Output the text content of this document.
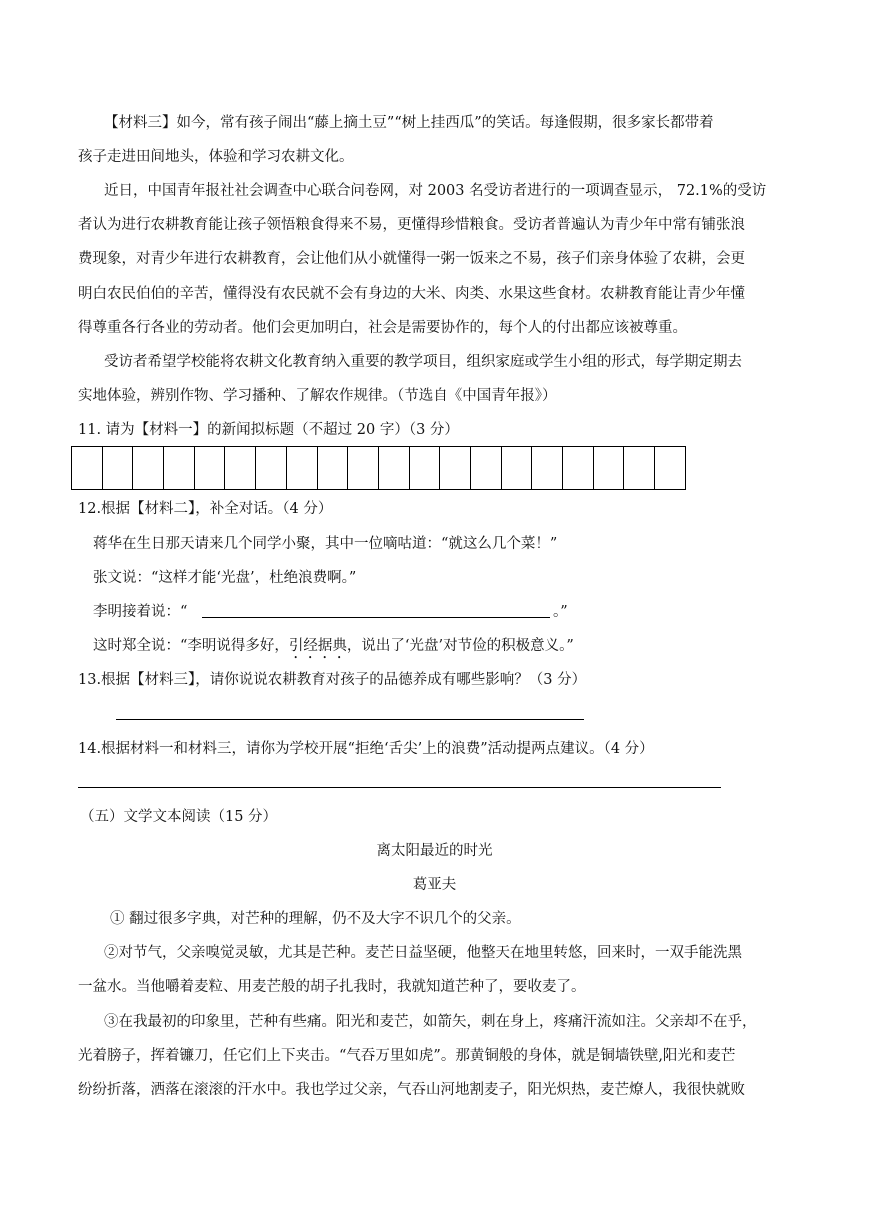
【材料三】如今，常有孩子闹出“藤上摘土豆”“树上挂西瓜”的笑话。每逢假期，很多家长都带着
孩子走进田间地头，体验和学习农耕文化。
近日，中国青年报社社会调查中心联合问卷网，对 2003 名受访者进行的一项调查显示， 72.1%的受访
者认为进行农耕教育能让孩子领悟粮食得来不易，更懂得珍惜粮食。受访者普遍认为青少年中常有铺张浪
费现象，对青少年进行农耕教育，会让他们从小就懂得一粥一饭来之不易，孩子们亲身体验了农耕，会更
明白农民伯伯的辛苦，懂得没有农民就不会有身边的大米、肉类、水果这些食材。农耕教育能让青少年懂
得尊重各行各业的劳动者。他们会更加明白，社会是需要协作的，每个人的付出都应该被尊重。
受访者希望学校能将农耕文化教育纳入重要的教学项目，组织家庭或学生小组的形式，每学期定期去
实地体验，辨别作物、学习播种、了解农作规律。（节选自《中国青年报》）
11. 请为【材料一】的新闻拟标题（不超过 20 字）（3 分）
12.根据【材料二】，补全对话。（4 分）
蒋华在生日那天请来几个同学小聚，其中一位嘀咕道：“就这么几个菜！”
张文说：“这样才能‘光盘’，杜绝浪费啊。”
李明接着说：“	。”
这时郑全说：“李明说得多好，引经据典，说出了‘光盘’对节俭的积极意义。”
13.根据【材料三】，请你说说农耕教育对孩子的品德养成有哪些影响？（3 分）
14.根据材料一和材料三，请你为学校开展“拒绝‘舌尖’上的浪费”活动提两点建议。（4 分）
（五）文学文本阅读（15 分）
离太阳最近的时光
葛亚夫
① 翻过很多字典，对芒种的理解，仍不及大字不识几个的父亲。
②对节气，父亲嗅觉灵敏，尤其是芒种。麦芒日益坚硬，他整天在地里转悠，回来时，一双手能洗黑
一盆水。当他嚼着麦粒、用麦芒般的胡子扎我时，我就知道芒种了，要收麦了。
③在我最初的印象里，芒种有些痛。阳光和麦芒，如箭矢，刺在身上，疼痛汗流如注。父亲却不在乎，
光着膀子，挥着镰刀，任它们上下夹击。“气吞万里如虎”。那黄铜般的身体，就是铜墙铁壁,阳光和麦芒
纷纷折落，洒落在滚滚的汗水中。我也学过父亲，气吞山河地割麦子，阳光炽热，麦芒燎人，我很快就败
